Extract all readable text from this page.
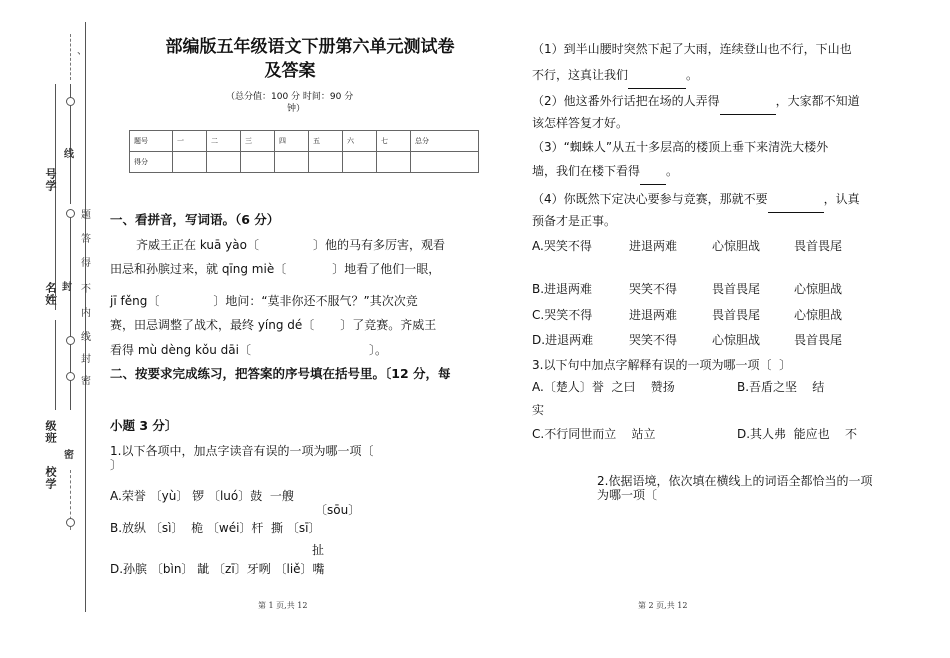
、
号学
名姓
级班
校学
线
封
密
题
答
得
不
内
线
封
密
部编版五年级语文下册第六单元测试卷
及答案
（总分值：100 分 时间：90 分
钟）
题号	一	二	三	四	五	六	七	总分
得分								
一、看拼音，写词语。（6 分）
齐威王正在 kuā yào〔	〕他的马有多厉害，观看
田忌和孙膑过来，就 qīng miè〔	〕地看了他们一眼，
jī fěng〔	〕地问：“莫非你还不服气？”其次次竞
赛，田忌调整了战术，最终 yíng dé〔 〕了竞赛。齐威王
看得 mù dèng kǒu dāi〔	〕。
二、按要求完成练习，把答案的序号填在括号里。〔12 分，每
小题 3 分〕
1.以下各项中，加点字读音有误的一项为哪一项〔
〕
A.荣誉 〔yù〕 锣 〔luó〕鼓  一艘
〔sōu〕
B.放纵 〔sì〕  桅 〔wéi〕杆  撕 〔sī〕
扯
D.孙膑 〔bìn〕 龇 〔zī〕牙咧 〔liě〕嘴
第 1 页,共 12
（1）到半山腰时突然下起了大雨，连续登山也不行，下山也
不行，这真让我们	。
（2）他这番外行话把在场的人弄得	，大家都不知道
该怎样答复才好。
（3）“蜘蛛人”从五十多层高的楼顶上垂下来清洗大楼外
墙，我们在楼下看得 。
（4）你既然下定决心要参与竞赛，那就不要	，认真
预备才是正事。
A.哭笑不得	进退两难	心惊胆战	畏首畏尾
B.进退两难	哭笑不得	畏首畏尾	心惊胆战
C.哭笑不得	进退两难	畏首畏尾	心惊胆战
D.进退两难	哭笑不得	心惊胆战	畏首畏尾
3.以下句中加点字解释有误的一项为哪一项〔  〕
A.〔楚人〕誉  之曰    赞扬	B.吾盾之坚    结
实
C.不行同世而立    站立	D.其人弗  能应也    不
2.依据语境，依次填在横线上的词语全都恰当的一项
为哪一项〔
第 2 页,共 12
